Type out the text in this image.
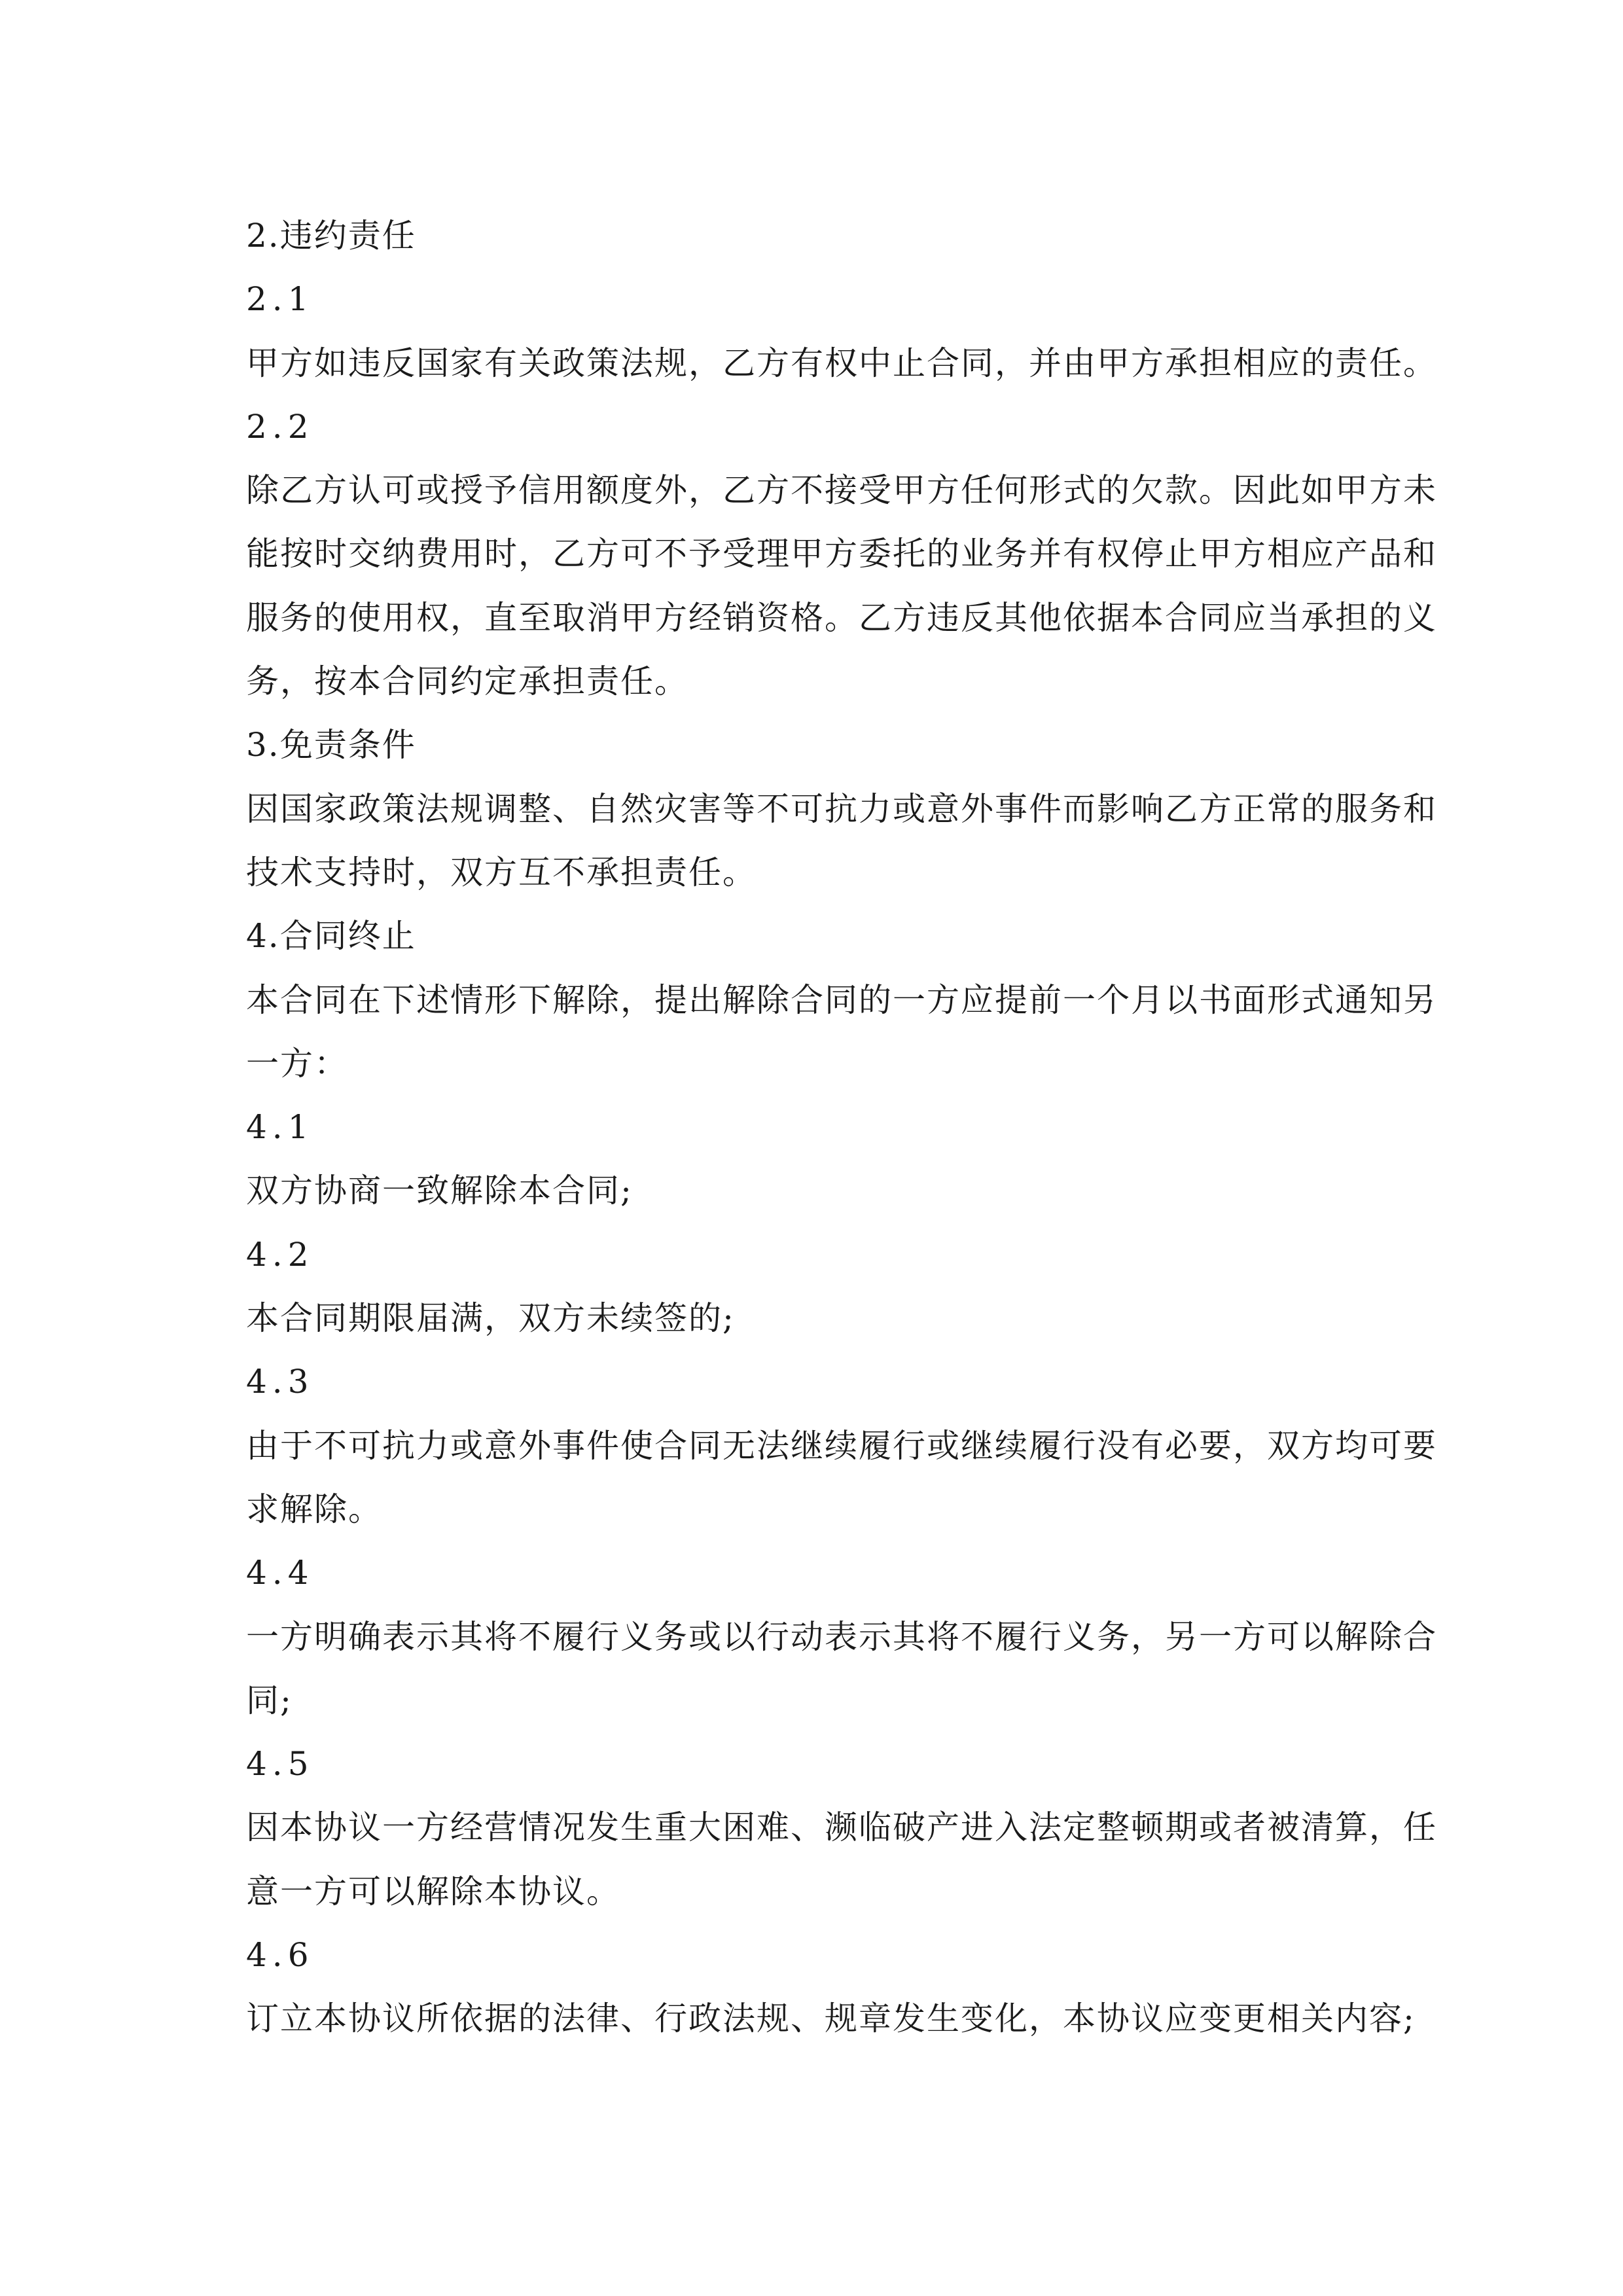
2.违约责任
2.1
甲方如违反国家有关政策法规，乙方有权中止合同，并由甲方承担相应的责任。
2.2
除乙方认可或授予信用额度外，乙方不接受甲方任何形式的欠款。因此如甲方未
能按时交纳费用时，乙方可不予受理甲方委托的业务并有权停止甲方相应产品和
服务的使用权，直至取消甲方经销资格。乙方违反其他依据本合同应当承担的义
务，按本合同约定承担责任。
3.免责条件
因国家政策法规调整、自然灾害等不可抗力或意外事件而影响乙方正常的服务和
技术支持时，双方互不承担责任。
4.合同终止
本合同在下述情形下解除，提出解除合同的一方应提前一个月以书面形式通知另
一方：
4.1
双方协商一致解除本合同;
4.2
本合同期限届满，双方未续签的;
4.3
由于不可抗力或意外事件使合同无法继续履行或继续履行没有必要，双方均可要
求解除。
4.4
一方明确表示其将不履行义务或以行动表示其将不履行义务，另一方可以解除合
同;
4.5
因本协议一方经营情况发生重大困难、濒临破产进入法定整顿期或者被清算，任
意一方可以解除本协议。
4.6
订立本协议所依据的法律、行政法规、规章发生变化，本协议应变更相关内容;
